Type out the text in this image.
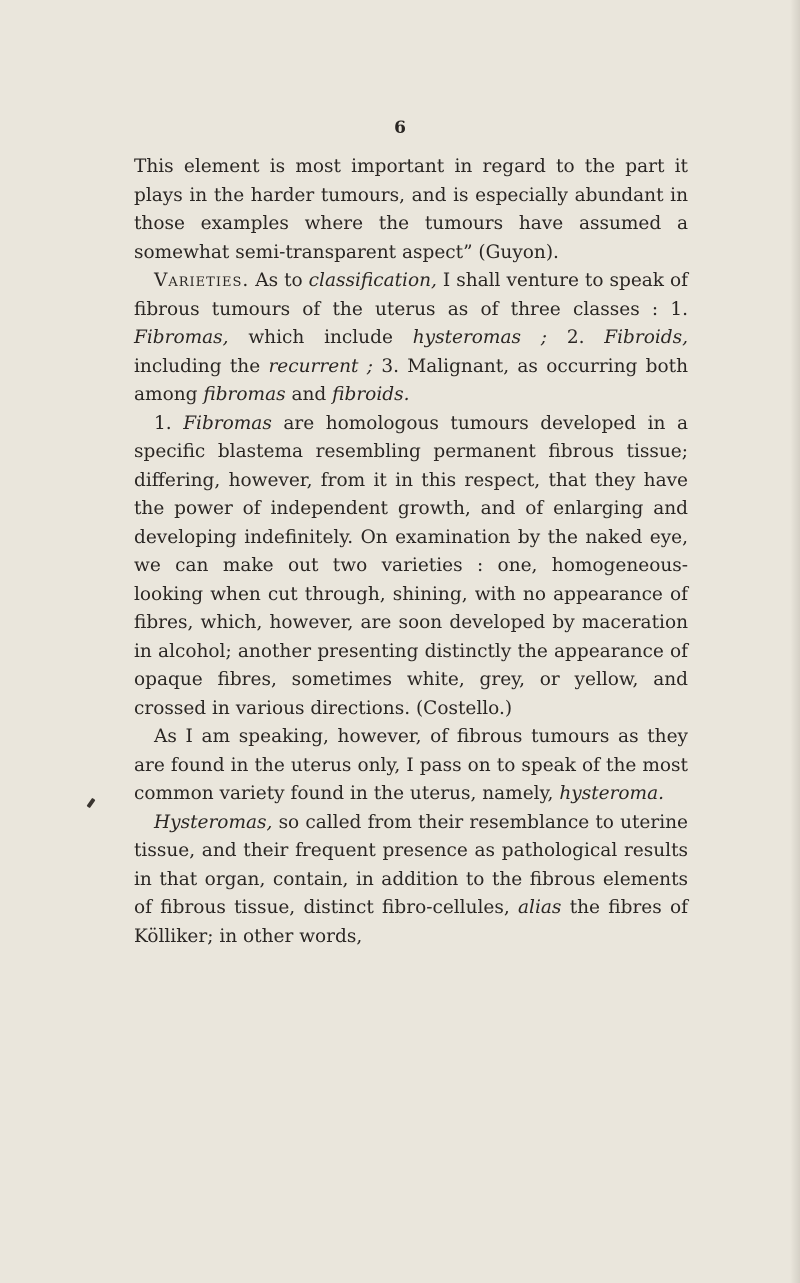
6

This element is most important in regard to the part it plays in the harder tumours, and is especially abundant in those examples where the tumours have assumed a somewhat semi-transparent aspect” (Guyon).

Varieties. As to classification, I shall venture to speak of fibrous tumours of the uterus as of three classes : 1. Fibromas, which include hysteromas ; 2. Fibroids, including the recurrent ; 3. Malignant, as occurring both among fibromas and fibroids.

1. Fibromas are homologous tumours developed in a specific blastema resembling permanent fibrous tissue; differing, however, from it in this respect, that they have the power of independent growth, and of enlarging and developing indefinitely. On examination by the naked eye, we can make out two varieties : one, homogeneous-looking when cut through, shining, with no appearance of fibres, which, however, are soon developed by maceration in alcohol; another presenting distinctly the appearance of opaque fibres, sometimes white, grey, or yellow, and crossed in various directions. (Costello.)

As I am speaking, however, of fibrous tumours as they are found in the uterus only, I pass on to speak of the most common variety found in the uterus, namely, hysteroma.

Hysteromas, so called from their resemblance to uterine tissue, and their frequent presence as pathological results in that organ, contain, in addition to the fibrous elements of fibrous tissue, distinct fibro-cellules, alias the fibres of Kölliker; in other words,
